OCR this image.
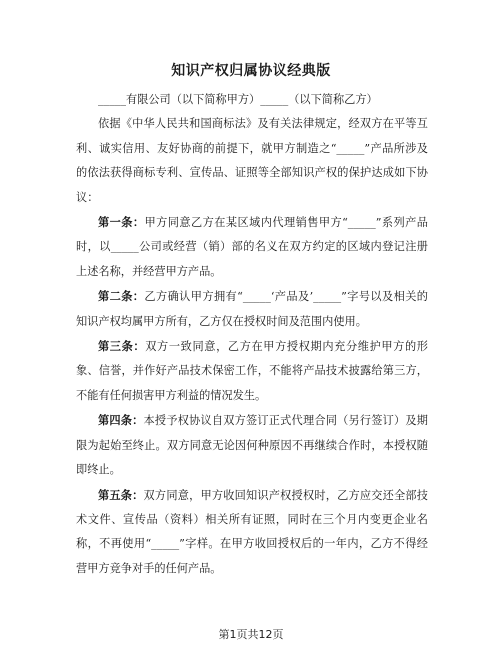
知识产权归属协议经典版

_____有限公司（以下简称甲方）_____（以下简称乙方）

依据《中华人民共和国商标法》及有关法律规定，经双方在平等互利、诚实信用、友好协商的前提下，就甲方制造之“_____”产品所涉及的依法获得商标专利、宣传品、证照等全部知识产权的保护达成如下协议：

第一条：甲方同意乙方在某区域内代理销售甲方“_____”系列产品时，以_____公司或经营（销）部的名义在双方约定的区域内登记注册上述名称，并经营甲方产品。

第二条：乙方确认甲方拥有“_____‘产品及’_____”字号以及相关的知识产权均属甲方所有，乙方仅在授权时间及范围内使用。

第三条：双方一致同意，乙方在甲方授权期内充分维护甲方的形象、信誉，并作好产品技术保密工作，不能将产品技术披露给第三方，不能有任何损害甲方利益的情况发生。

第四条：本授予权协议自双方签订正式代理合同（另行签订）及期限为起始至终止。双方同意无论因何种原因不再继续合作时，本授权随即终止。

第五条：双方同意，甲方收回知识产权授权时，乙方应交还全部技术文件、宣传品（资料）相关所有证照，同时在三个月内变更企业名称，不再使用“_____”字样。在甲方收回授权后的一年内，乙方不得经营甲方竞争对手的任何产品。

第1页共12页
